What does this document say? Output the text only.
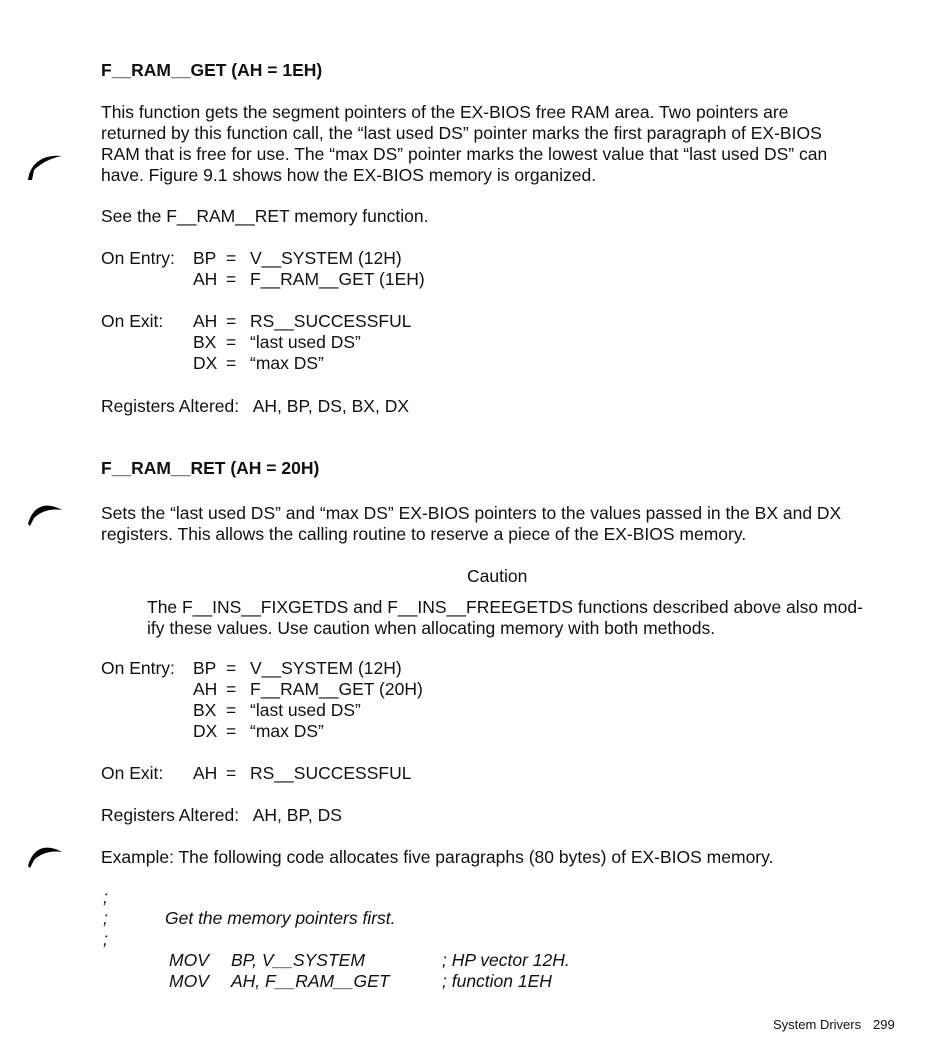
F__RAM__GET (AH = 1EH)
This function gets the segment pointers of the EX-BIOS free RAM area. Two pointers are
returned by this function call, the “last used DS” pointer marks the first paragraph of EX-BIOS
RAM that is free for use. The “max DS” pointer marks the lowest value that “last used DS” can
have. Figure 9.1 shows how the EX-BIOS memory is organized.
See the F__RAM__RET memory function.
On Entry: BP = V__SYSTEM (12H)
AH = F__RAM__GET (1EH)
On Exit: AH = RS__SUCCESSFUL
BX = “last used DS”
DX = “max DS”
Registers Altered:   AH, BP, DS, BX, DX
F__RAM__RET (AH = 20H)
Sets the “last used DS” and “max DS” EX-BIOS pointers to the values passed in the BX and DX
registers. This allows the calling routine to reserve a piece of the EX-BIOS memory.
Caution
The F__INS__FIXGETDS and F__INS__FREEGETDS functions described above also mod-
ify these values. Use caution when allocating memory with both methods.
On Entry: BP = V__SYSTEM (12H)
AH = F__RAM__GET (20H)
BX = “last used DS”
DX = “max DS”
On Exit: AH = RS__SUCCESSFUL
Registers Altered:   AH, BP, DS
Example: The following code allocates five paragraphs (80 bytes) of EX-BIOS memory.
;
;	Get the memory pointers first.
;
MOV BP, V__SYSTEM	; HP vector 12H.
MOV AH, F__RAM__GET	; function 1EH
System Drivers 299
